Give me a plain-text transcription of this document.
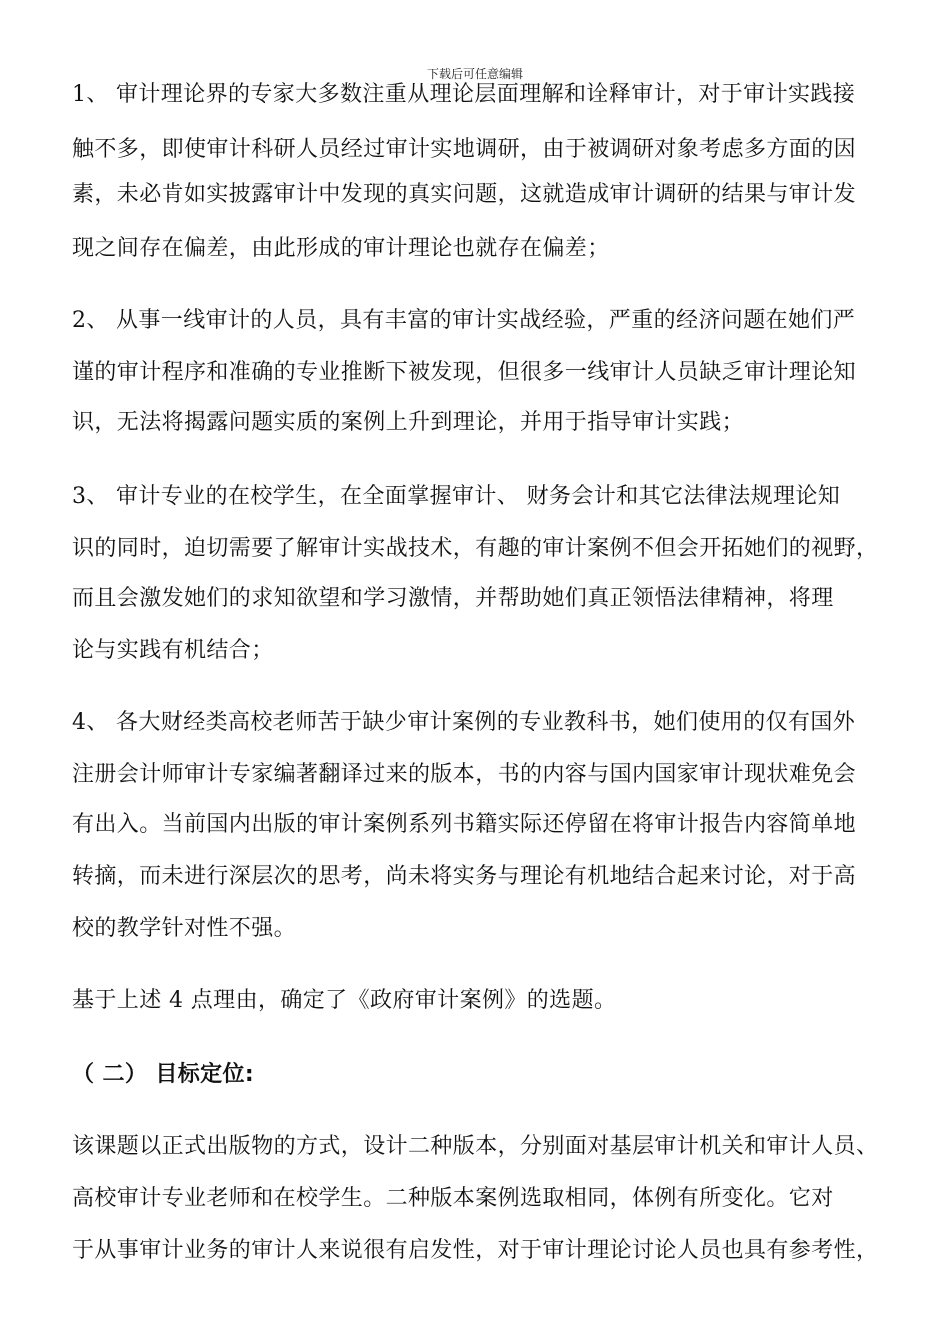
下载后可任意编辑
1、 审计理论界的专家大多数注重从理论层面理解和诠释审计，对于审计实践接
触不多，即使审计科研人员经过审计实地调研，由于被调研对象考虑多方面的因
素，未必肯如实披露审计中发现的真实问题，这就造成审计调研的结果与审计发
现之间存在偏差，由此形成的审计理论也就存在偏差；
2、 从事一线审计的人员，具有丰富的审计实战经验，严重的经济问题在她们严
谨的审计程序和准确的专业推断下被发现，但很多一线审计人员缺乏审计理论知
识，无法将揭露问题实质的案例上升到理论，并用于指导审计实践；
3、 审计专业的在校学生，在全面掌握审计、 财务会计和其它法律法规理论知
识的同时，迫切需要了解审计实战技术，有趣的审计案例不但会开拓她们的视野，
而且会激发她们的求知欲望和学习激情，并帮助她们真正领悟法律精神，将理
论与实践有机结合；
4、 各大财经类高校老师苦于缺少审计案例的专业教科书，她们使用的仅有国外
注册会计师审计专家编著翻译过来的版本，书的内容与国内国家审计现状难免会
有出入。当前国内出版的审计案例系列书籍实际还停留在将审计报告内容简单地
转摘，而未进行深层次的思考，尚未将实务与理论有机地结合起来讨论，对于高
校的教学针对性不强。
基于上述 4 点理由，确定了《政府审计案例》的选题。
（ 二） 目标定位:
该课题以正式出版物的方式，设计二种版本，分别面对基层审计机关和审计人员、
高校审计专业老师和在校学生。二种版本案例选取相同，体例有所变化。它对
于从事审计业务的审计人来说很有启发性，对于审计理论讨论人员也具有参考性，
